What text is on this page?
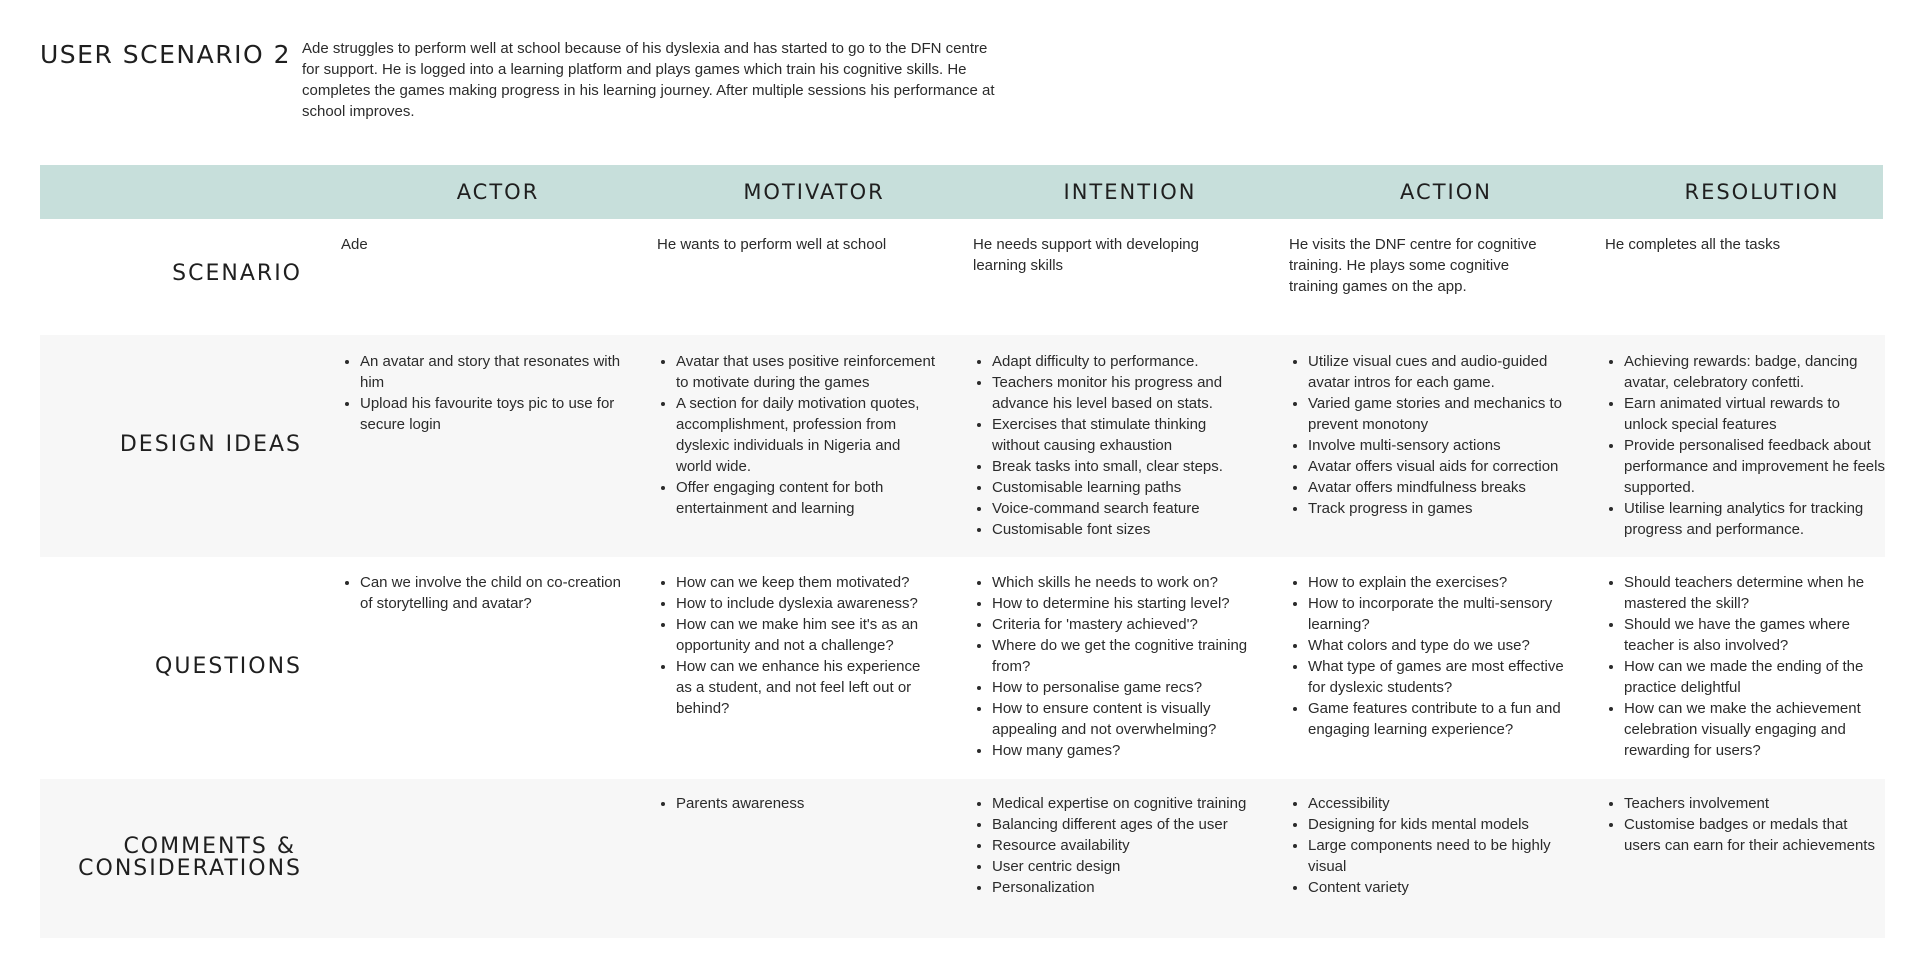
USER SCENARIO 2 Ade struggles to perform well at school because of his dyslexia and has started to go to the DFN centre for support. He is logged into a learning platform and plays games which train his cognitive skills. He completes the games making progress in his learning journey. After multiple sessions his performance at school improves.
ACTOR	MOTIVATOR	INTENTION	ACTION	RESOLUTION
SCENARIO

Ade	He wants to perform well at school	He needs support with developing learning skills

He visits the DNF centre for cognitive training. He plays some cognitive training games on the app.

He completes all the tasks

DESIGN IDEAS
• An avatar and story that resonates with him
• Upload his favourite toys pic to use for secure login
• Avatar that uses positive reinforcement to motivate during the games
• A section for daily motivation quotes, accomplishment, profession from dyslexic individuals in Nigeria and world wide.
• Offer engaging content for both entertainment and learning
• Adapt difficulty to performance.
• Teachers monitor his progress and advance his level based on stats.
• Exercises that stimulate thinking without causing exhaustion
• Break tasks into small, clear steps.
• Customisable learning paths
• Voice-command search feature
• Customisable font sizes
• Utilize visual cues and audio-guided avatar intros for each game.
• Varied game stories and mechanics to prevent monotony
• Involve multi-sensory actions
• Avatar offers visual aids for correction
• Avatar offers mindfulness breaks
• Track progress in games
• Achieving rewards: badge, dancing avatar, celebratory confetti.
• Earn animated virtual rewards to unlock special features
• Provide personalised feedback about performance and improvement he feels supported.
• Utilise learning analytics for tracking progress and performance.
QUESTIONS
• Can we involve the child on co-creation of storytelling and avatar?
• How can we keep them motivated?
• How to include dyslexia awareness?
• How can we make him see it's as an opportunity and not a challenge?
• How can we enhance his experience as a student, and not feel left out or behind?
• Which skills he needs to work on?
• How to determine his starting level?
• Criteria for 'mastery achieved'?
• Where do we get the cognitive training from?
• How to personalise game recs?
• How to ensure content is visually appealing and not overwhelming?
• How many games?
• How to explain the exercises?
• How to incorporate the multi-sensory learning?
• What colors and type do we use?
• What type of games are most effective for dyslexic students?
• Game features contribute to a fun and engaging learning experience?
• Should teachers determine when he mastered the skill?
• Should we have the games where teacher is also involved?
• How can we made the ending of the practice delightful
• How can we make the achievement celebration visually engaging and rewarding for users?
COMMENTS &
CONSIDERATIONS
• Parents awareness
•	Medical expertise on cognitive training
• Balancing different ages of the user
• Resource availability
• User centric design
• Personalization
• Accessibility
• Designing for kids mental models
• Large components need to be highly visual
• Content variety
• Teachers involvement
• Customise badges or medals that users can earn for their achievements
